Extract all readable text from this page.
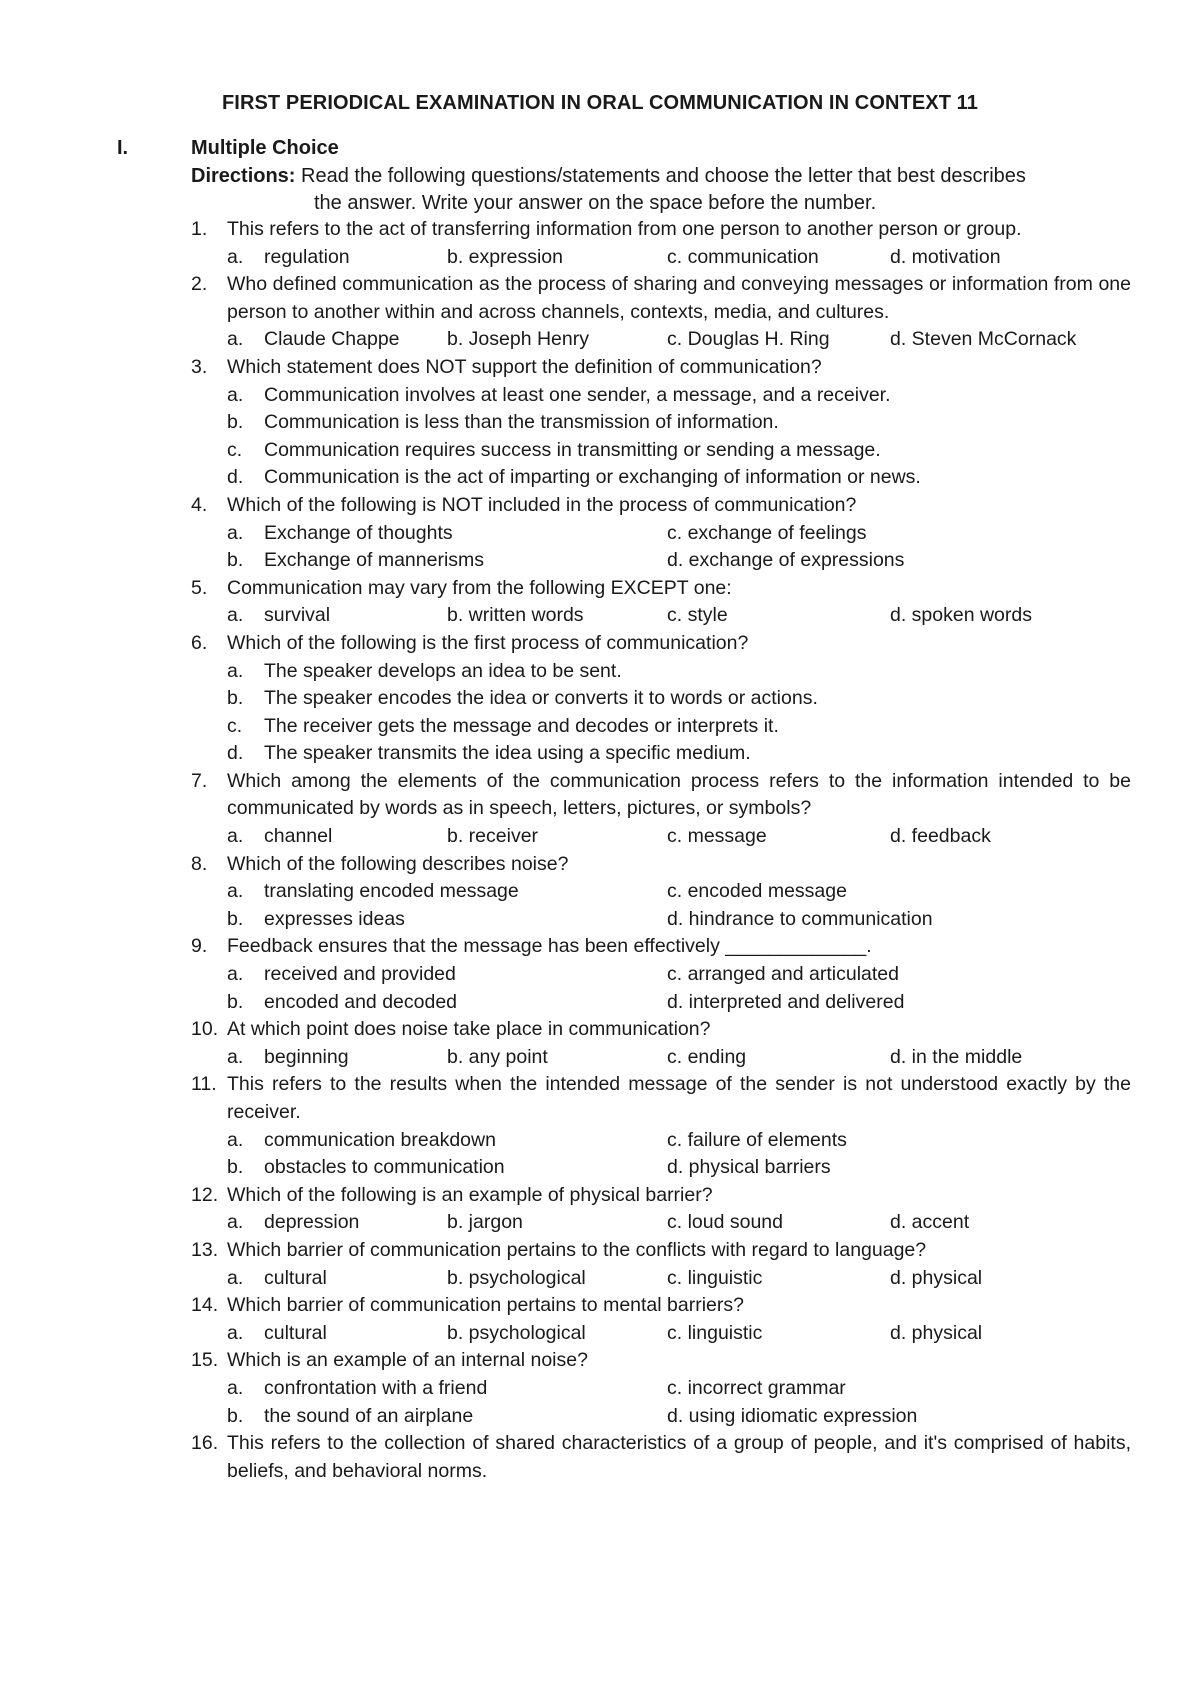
FIRST PERIODICAL EXAMINATION IN ORAL COMMUNICATION IN CONTEXT 11
I.	Multiple Choice
Directions: Read the following questions/statements and choose the letter that best describes
the answer. Write your answer on the space before the number.
1.	This refers to the act of transferring information from one person to another person or group.
a.	regulation	b. expression	c. communication	d. motivation
2.	Who defined communication as the process of sharing and conveying messages or information from one person to another within and across channels, contexts, media, and cultures.
a.	Claude Chappe b. Joseph Henry	c. Douglas H. Ring	d. Steven McCornack
3.	Which statement does NOT support the definition of communication?
a.	Communication involves at least one sender, a message, and a receiver.
b.	Communication is less than the transmission of information.
c.	Communication requires success in transmitting or sending a message.
d.	Communication is the act of imparting or exchanging of information or news.
4.	Which of the following is NOT included in the process of communication?
a.	Exchange of thoughts	c. exchange of feelings
b.	Exchange of mannerisms	d. exchange of expressions
5.	Communication may vary from the following EXCEPT one:
a.	survival	b. written words	c. style	d. spoken words
6.	Which of the following is the first process of communication?
a.	The speaker develops an idea to be sent.
b.	The speaker encodes the idea or converts it to words or actions.
c.	The receiver gets the message and decodes or interprets it.
d.	The speaker transmits the idea using a specific medium.
7.	Which among the elements of the communication process refers to the information intended to be communicated by words as in speech, letters, pictures, or symbols?
a.	channel	b. receiver	c. message	d. feedback
8.	Which of the following describes noise?
a.	translating encoded message	c. encoded message
b.	expresses ideas	d. hindrance to communication
9.	Feedback ensures that the message has been effectively _____________.
a.	received and provided	c. arranged and articulated
b.	encoded and decoded	d. interpreted and delivered
10. At which point does noise take place in communication?
a.	beginning	b. any point	c. ending	d. in the middle
11. This refers to the results when the intended message of the sender is not understood exactly by the receiver.
a.	communication breakdown	c. failure of elements
b.	obstacles to communication	d. physical barriers
12. Which of the following is an example of physical barrier?
a.	depression	b. jargon	c. loud sound	d. accent
13. Which barrier of communication pertains to the conflicts with regard to language?
a.	cultural	b. psychological	c. linguistic	d. physical
14. Which barrier of communication pertains to mental barriers?
a.	cultural	b. psychological	c. linguistic	d. physical
15. Which is an example of an internal noise?
a.	confrontation with a friend	c. incorrect grammar
b.	the sound of an airplane	d. using idiomatic expression
16. This refers to the collection of shared characteristics of a group of people, and it's comprised of habits, beliefs, and behavioral norms.
